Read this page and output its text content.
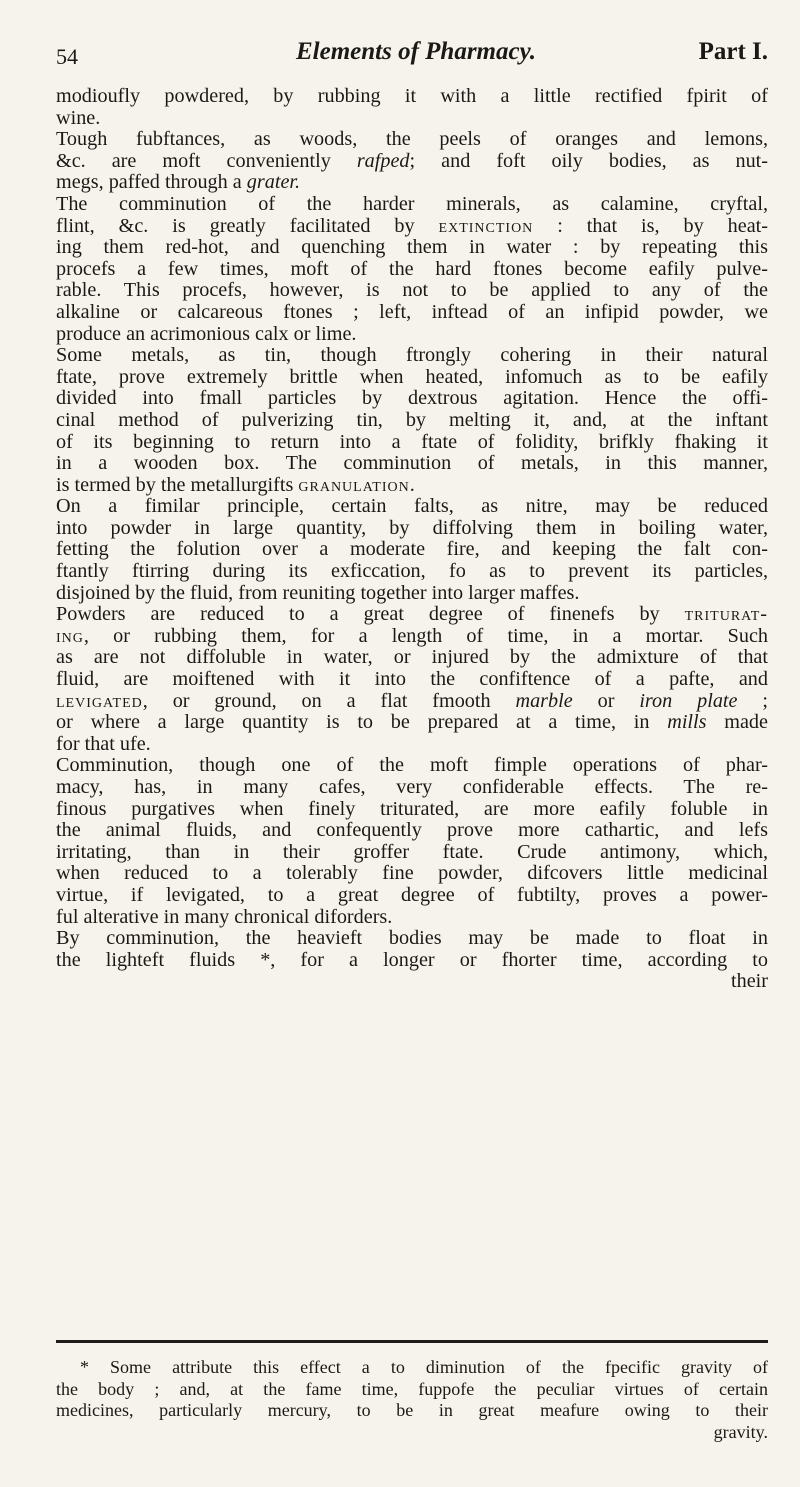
54	Elements of Pharmacy.	Part I.
modioufly powdered, by rubbing it with a little rectified fpirit of
wine.
Tough fubftances, as woods, the peels of oranges and lemons,
&c. are moft conveniently rafped; and foft oily bodies, as nut-
megs, paffed through a grater.
The comminution of the harder minerals, as calamine, cryftal,
flint, &c. is greatly facilitated by extinction : that is, by heat-
ing them red-hot, and quenching them in water : by repeating this
procefs a few times, moft of the hard ftones become eafily pulve-
rable. This procefs, however, is not to be applied to any of the
alkaline or calcareous ftones ; left, inftead of an infipid powder, we
produce an acrimonious calx or lime.
Some metals, as tin, though ftrongly cohering in their natural
ftate, prove extremely brittle when heated, infomuch as to be eafily
divided into fmall particles by dextrous agitation. Hence the offi-
cinal method of pulverizing tin, by melting it, and, at the inftant
of its beginning to return into a ftate of folidity, brifkly fhaking it
in a wooden box. The comminution of metals, in this manner,
is termed by the metallurgifts granulation.
On a fimilar principle, certain falts, as nitre, may be reduced
into powder in large quantity, by diffolving them in boiling water,
fetting the folution over a moderate fire, and keeping the falt con-
ftantly ftirring during its exficcation, fo as to prevent its particles,
disjoined by the fluid, from reuniting together into larger maffes.
Powders are reduced to a great degree of finenefs by triturat-
ing, or rubbing them, for a length of time, in a mortar. Such
as are not diffoluble in water, or injured by the admixture of that
fluid, are moiftened with it into the confiftence of a pafte, and
levigated, or ground, on a flat fmooth marble or iron plate ;
or where a large quantity is to be prepared at a time, in mills made
for that ufe.
Comminution, though one of the moft fimple operations of phar-
macy, has, in many cafes, very confiderable effects. The re-
finous purgatives when finely triturated, are more eafily foluble in
the animal fluids, and confequently prove more cathartic, and lefs
irritating, than in their groffer ftate. Crude antimony, which,
when reduced to a tolerably fine powder, difcovers little medicinal
virtue, if levigated, to a great degree of fubtilty, proves a power-
ful alterative in many chronical diforders.
By comminution, the heavieft bodies may be made to float in
the lighteft fluids *, for a longer or fhorter time, according to
their
* Some attribute this effect a to diminution of the fpecific gravity of
the body ; and, at the fame time, fuppofe the peculiar virtues of certain
medicines, particularly mercury, to be in great meafure owing to their
gravity.
